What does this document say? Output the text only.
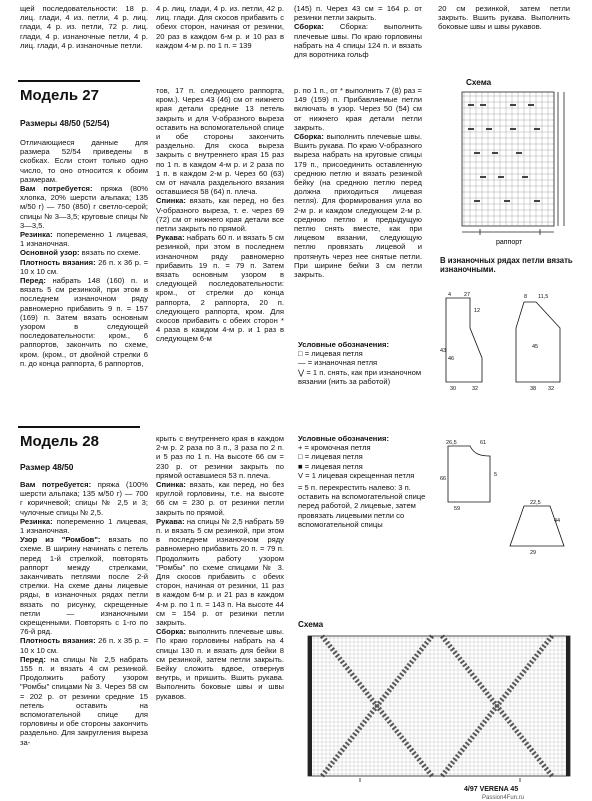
щей последовательности: 18 р. лиц. глади, 4 из. петли, 4 р. лиц. глади, 4 р. из. петли, 72 р. лиц. глади, 4 р. изнаночные петли, 4 р. лиц. глади, 4 р. изнаночные петли.

4 р. лиц. глади, 4 р. из. петли, 42 р. лиц. глади. Для скосов прибавить с обеих сторон, начиная от резинки, 20 раз в каждом 6-м р. и 10 раз в каждом 4-м р. по 1 п. = 139

(145) п. Через 43 см = 164 р. от резинки петли закрыть.

Сборка: Сборка: выполнить плечевые швы. По краю горловины набрать на 4 спицы 124 п. и вязать для воротника гольф

20 см резинкой, затем петли закрыть. Вшить рукава. Выполнить боковые швы и швы рукавов.

Модель 27
Размеры 48/50 (52/54)

Отличающиеся данные для размера 52/54 приведены в скобках. Если стоит только одно число, то оно относится к обоим размерам.

Вам потребуется: пряжа (80% хлопка, 20% шерсти альпака; 135 м/50 г) — 750 (850) г светло-серой; спицы № 3—3,5; круговые спицы № 3—3,5.

Резинка: попеременно 1 лицевая, 1 изнаночная.

Основной узор: вязать по схеме.

Плотность вязания: 26 п. х 36 р. = 10 х 10 см.

Перед: набрать 148 (160) п. и вязать 5 см резинкой, при этом в последнем изнаночном ряду равномерно прибавить 9 п. = 157 (169) п. Затем вязать основным узором в следующей последовательности: кром., 6 раппортов, закончить по схеме, кром. (кром., от двойной стрелки 6 п. до конца раппорта, 6 раппортов,

тов, 17 п. следующего раппорта, кром.). Через 43 (46) см от нижнего края детали средние 13 петель закрыть и для V-образного выреза оставить на вспомогательной спице и обе стороны закончить раздельно. Для скоса выреза закрыть с внутреннего края 15 раз по 1 п. в каждом 4-м р. и 2 раза по 1 п. в каждом 2-м р. Через 60 (63) см от начала раздельного вязания оставшиеся 58 (64) п. плеча.

Спинка: вязать, как перед, но без V-образного выреза, т. е. через 69 (72) см от нижнего края детали все петли закрыть по прямой.

Рукава: набрать 60 п. и вязать 5 см резинкой, при этом в последнем изнаночном ряду равномерно прибавить 19 п. = 79 п. Затем вязать основным узором в следующей последовательности: кром., от стрелки до конца раппорта, 2 раппорта, 20 п. следующего раппорта, кром. Для скосов прибавить с обеих сторон * 4 раза в каждом 4-м р. и 1 раз в следующем 6-м

р. по 1 п., от * выполнить 7 (8) раз = 149 (159) п. Прибавляемые петли включать в узор. Через 50 (54) см от нижнего края детали петли закрыть.

Сборка: выполнить плечевые швы. Вшить рукава. По краю V-образного выреза набрать на круговые спицы 179 п., присоединить оставленную среднюю петлю и вязать резинкой бейку (на среднюю петлю перед должна приходиться лицевая петля). Для формирования угла во 2-м р. и каждом следующем 2-м р. среднюю петлю и предыдущую петлю снять вместе, как при лицевом вязании, следующую петлю провязать лицевой и протянуть через нее снятые петли. При ширине бейки 3 см петли закрыть.

Схема
раппорт
В изнаночных рядах петли вязать изнаночными.
4 27
12
43
46
30	32
8 11,5
45
38 32
Условные обозначения:
□ = лицевая петля
— = изнаночная петля
⋁ = 1 п. снять, как при изнаночном вязании (нить за работой)
Модель 28
Размер 48/50

Вам потребуется: пряжа (100% шерсти альпака; 135 м/50 г) — 700 г коричневой; спицы № 2,5 и 3; чулочные спицы № 2,5.

Резинка: попеременно 1 лицевая, 1 изнаночная.

Узор из "Ромбов": вязать по схеме. В ширину начинать с петель перед 1-й стрелкой, повторять раппорт между стрелками, заканчивать петлями после 2-й стрелки. На схеме даны лицевые ряды, в изнаночных рядах петли вязать по рисунку, скрещенные петли — изнаночными скрещенными. Повторять с 1-го по 76-й ряд.

Плотность вязания: 26 п. х 35 р. = 10 х 10 см.

Перед: на спицы № 2,5 набрать 155 п. и вязать 4 см резинкой. Продолжить работу узором "Ромбы" спицами № 3. Через 58 см = 202 р. от резинки средние 15 петель оставить на вспомогательной спице для горловины и обе стороны закончить раздельно. Для закругления выреза за-

крыть с внутреннего края в каждом 2-м р. 2 раза по 3 п., 3 раза по 2 п. и 5 раз по 1 п. На высоте 66 см = 230 р. от резинки закрыть по прямой оставшиеся 53 п. плеча.

Спинка: вязать, как перед, но без круглой горловины, т.е. на высоте 66 см = 230 р. от резинки петли закрыть по прямой.

Рукава: на спицы № 2,5 набрать 59 п. и вязать 5 см резинкой, при этом в последнем изнаночном ряду равномерно прибавить 20 п. = 79 п. Продолжить работу узором "Ромбы" по схеме спицами № 3. Для скосов прибавить с обеих сторон, начиная от резинки, 11 раз в каждом 6-м р. и 21 раз в каждом 4-м р. по 1 п. = 143 п. На высоте 44 см = 154 р. от резинки петли закрыть.

Сборка: выполнить плечевые швы. По краю горловины набрать на 4 спицы 130 п. и вязать для бейки 8 см резинкой, затем петли закрыть. Бейку сложить вдвое, отвернув внутрь, и пришить. Вшить рукава. Выполнить боковые швы и швы рукавов.

Условные обозначения:
+ = кромочная петля
□ = лицевая петля
■ = лицевая петля
V = 1 лицевая скрещенная петля
= 5 п. перекрестить налево: 3 п. оставить на вспомогательной спице перед работой, 2 лицевые, затем провязать лицевыми петли со вспомогательной спицы
26,5	61
5
66
59
44
22,5
29
Схема
4/97 VERENA 45
Passion4Fun.ru
